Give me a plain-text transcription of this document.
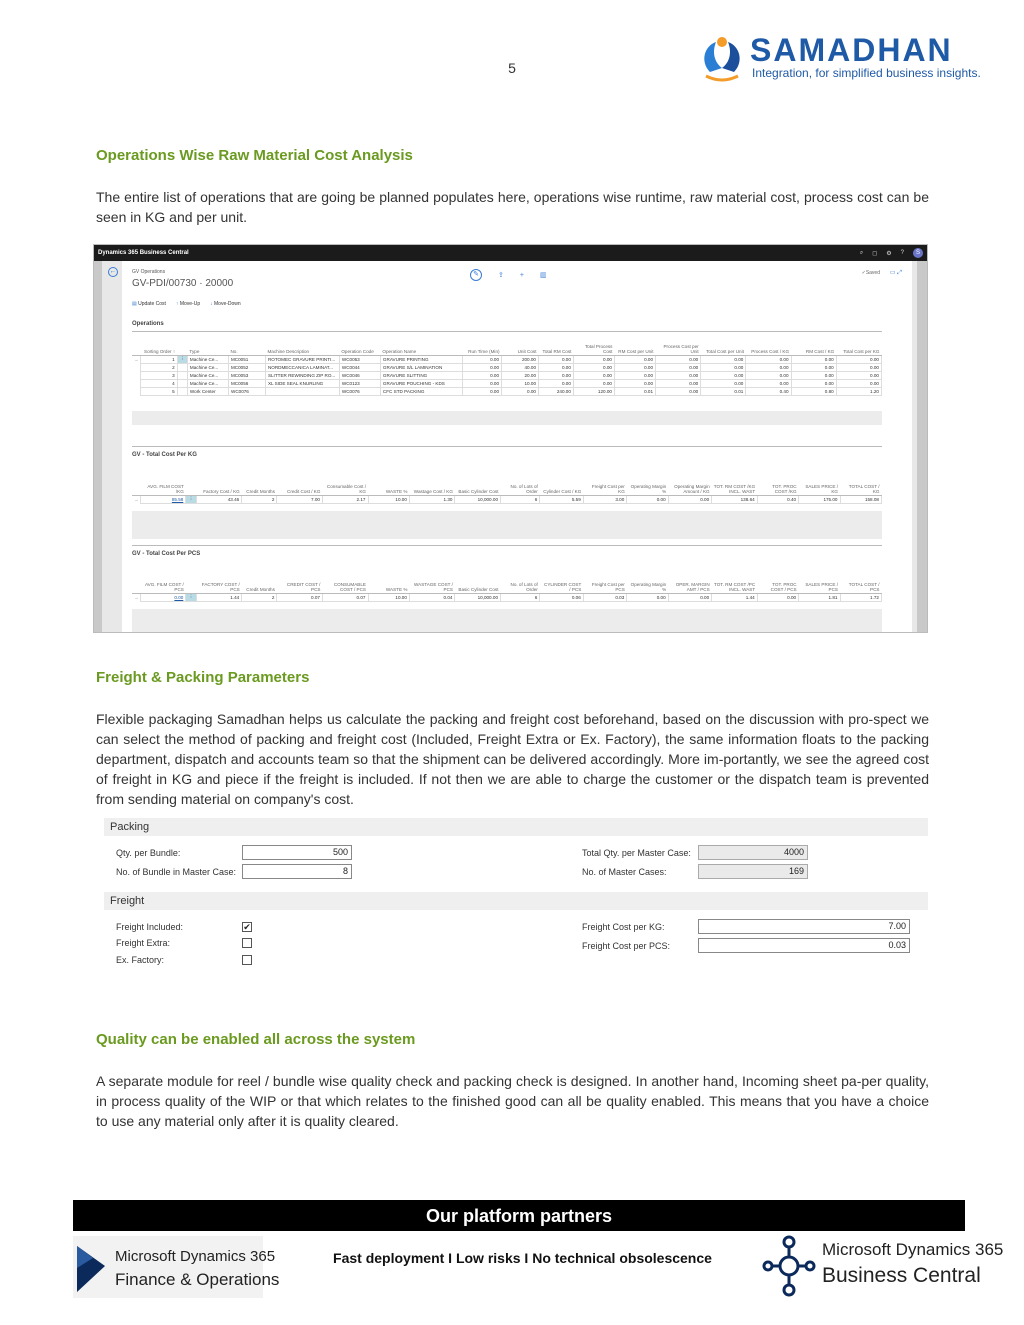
5	SAMADHAN
Integration, for simplified business insights.
Operations Wise Raw Material Cost Analysis
The entire list of operations that are going be planned populates here, operations wise runtime, raw material cost, process cost can be seen in KG and per unit.
Dynamics 365 Business Central	⌕ ◻ ⚙ ?	S
←	GV Operations
GV-PDI/00730 · 20000
✎	⇪ + ▥	✓Saved ▭ ⤢
▤ Update Cost ↑ Move-Up ↓ Move-Down
Operations
	Sorting Order ↑		Type	No.	Machine Description	Operation Code	Operation Name	Run Time (Min)	Unit Cost	Total RM Cost	Total Process Cost	RM Cost per Unit	Process Cost per Unit	Total Cost per Unit	Process Cost / KG	RM Cost / KG	Total Cost per KG
→	1	⋮	Machine Ce...	MC0051	ROTOMEC GRAVURE PRINTI...	WC0053	GRAVURE PRINTING	0.00	200.00	0.00	0.00	0.00	0.00	0.00	0.00	0.00	0.00
	2		Machine Ce...	MC0052	NORDMECCANICA LAMINAT...	WC0044	GRAVURE S/L LAMINATION	0.00	40.00	0.00	0.00	0.00	0.00	0.00	0.00	0.00	0.00
	3		Machine Ce...	MC0053	SLITTER REWINDING ZIP RO...	WC0046	GRAVURE SLITTING	0.00	20.00	0.00	0.00	0.00	0.00	0.00	0.00	0.00	0.00
	4		Machine Ce...	MC0056	XL SIDE SEAL KNURLING	WC0123	GRAVURE POUCHING - KDS	0.00	10.00	0.00	0.00	0.00	0.00	0.00	0.00	0.00	0.00
	5		Work Center	WC0076		WC0076	CFC STD PACKING	0.00	0.00	240.00	120.00	0.01	0.00	0.01	0.40	0.80	1.20
GV - Total Cost Per KG
	AVG. FILM COST /KG		Factory Cost / KG	Credit Months	Credit Cost / KG	Consumable Cost / KG	WASTE %	Wastage Cost / KG	Basic Cylinder Cost	No. of Lots of Order	Cylinder Cost / KG	Freight Cost per KG	Operating Margin %	Operating Margin Amount / KG	TOT. RM COST /KG INCL. WAST	TOT. PROC COST /KG	SALES PRICE / KG	TOTAL COST / KG
→	85.58	⋮	43.46	2	7.00	2.17	10.00	1.30	10,000.00	6	5.59	3.00	0.00	0.00	138.64	0.40	175.00	158.08
GV - Total Cost Per PCS
	AVG. FILM COST / PCS		FACTORY COST / PCS	Credit Months	CREDIT COST / PCS	CONSUMABLE COST / PCS	WASTE %	WASTAGE COST / PCS	Basic Cylinder Cost	No. of Lots of Order	CYLINDER COST / PCS	Freight Cost per PCS	Operating Margin %	OPER. MARGIN AMT / PCS	TOT. RM COST /PC INCL. WAST	TOT. PROC COST / PCS	SALES PRICE / PCS	TOTAL COST / PCS
→	0.00	⋮	1.44	2	0.07	0.07	10.00	0.04	10,000.00	6	0.06	0.03	0.00	0.00	1.44	0.00	1.81	1.72
Freight & Packing Parameters
Flexible packaging Samadhan helps us calculate the packing and freight cost beforehand, based on the discussion with pro-spect we can select the method of packing and freight cost (Included, Freight Extra or Ex. Factory), the same information floats to the packing department, dispatch and accounts team so that the shipment can be delivered accordingly. More im-portantly, we see the agreed cost of freight in KG and piece if the freight is included. If not then we are able to charge the customer or the dispatch team is prevented from sending material on company's cost.
Packing
Qty. per Bundle:	500
No. of Bundle in Master Case:	8
Total Qty. per Master Case:	4000
No. of Master Cases:	169
Freight
Freight Included:	✔
Freight Extra:
Ex. Factory:
Freight Cost per KG:	7.00
Freight Cost per PCS:	0.03
Quality can be enabled all across the system
A separate module for reel / bundle wise quality check and packing check is designed. In another hand, Incoming sheet pa-per quality, in process quality of the WIP or that which relates to the finished good can all be quality enabled. This means that you have a choice to use any material only after it is quality cleared.
Our platform partners
Microsoft Dynamics 365
Finance & Operations
Fast deployment I Low risks I No technical obsolescence	Microsoft Dynamics 365
Business Central
